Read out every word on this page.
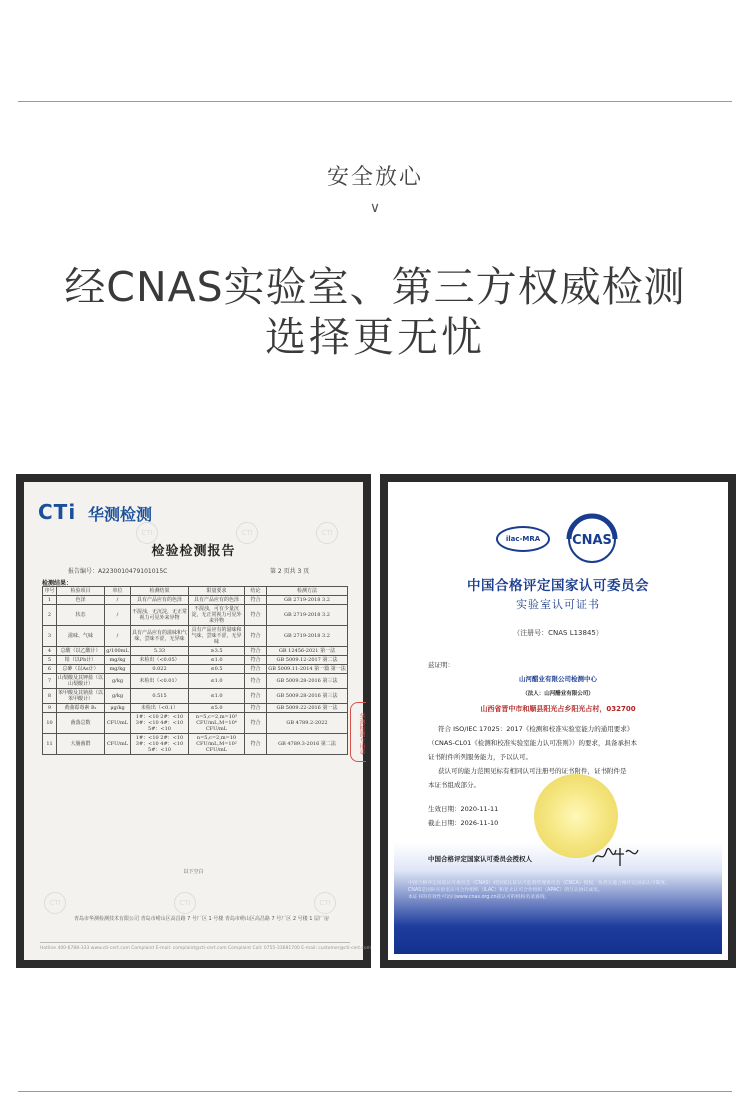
安全放心
∨
经CNAS实验室、第三方权威检测
选择更无忧
CTI	CTI	CTI
CTI	CTI	CTI
CTi 华测检测
检验检测报告
报告编号：A2230010479101015C	第 2 页共 3 页
检测结果：
序号	检验项目	单位	检测结果	限量要求	结论	检测方法
1	色泽	/	具有产品应有的色泽	具有产品应有的色泽	符合	GB 2719-2018 3.2
2	状态	/	不混浊，无沉淀，无正常视力可见外来异物	不混浊，可有少量沉淀，无正常视力可见外来异物	符合	GB 2719-2018 3.2
3	滋味、气味	/	具有产品应有的滋味和气味，尝味不涩，无异味	具有产品应有的滋味和气味，尝味不涩，无异味	符合	GB 2719-2018 3.2
4	总酸（以乙酸计）	g/100mL	5.33	≥3.5	符合	GB 12456-2021 第一法
5	铅（以Pb计）	mg/kg	未检出（<0.05）	≤1.0	符合	GB 5009.12-2017 第二法
6	总砷（以As计）	mg/kg	0.022	≤0.5	符合	GB 5009.11-2014 第一篇 第一法
7	山梨酸及其钾盐（以山梨酸计）	g/kg	未检出（<0.01）	≤1.0	符合	GB 5009.28-2016 第三法
8	苯甲酸及其钠盐（以苯甲酸计）	g/kg	0.515	≤1.0	符合	GB 5009.28-2016 第三法
9	黄曲霉毒素 B₁	μg/kg	未检出（<0.1）	≤5.0	符合	GB 5009.22-2016 第一法
10	菌落总数	CFU/mL	1#：<10 2#：<10 3#：<10 4#：<10 5#：<10	n=5,c=2,m=10³ CFU/mL,M=10⁴ CFU/mL	符合	GB 4789.2-2022
11	大肠菌群	CFU/mL	1#：<10 2#：<10 3#：<10 4#：<10 5#：<10	n=5,c=2,m=10 CFU/mL,M=10² CFU/mL	符合	GB 4789.3-2016 第二法
以下空白
青岛市华测检测技术有限公司 青岛市崂山区高昌路 7 号厂区 1 号楼 青岛市崂山区高昌路 7 号厂区 2 号楼 1 层厂房
Hotline 400-6788-333 www.cti-cert.com Complaint E-mail: complaint@cti-cert.com Complaint Call: 0755-33681700 E-mail: customer@cti-cert.com
华测检测专用章
ilac-MRA	CNAS
中国合格评定国家认可委员会
实验室认可证书
（注册号：CNAS L13845）
兹证明：
山河醋业有限公司检测中心
（法人：山河醋业有限公司）
山西省晋中市和顺县阳光占乡阳光占村，032700
符合 ISO/IEC 17025：2017《检测和校准实验室能力的通用要求》
（CNAS-CL01《检测和校准实验室能力认可准则》）的要求，具备承担本
证书附件所列服务能力，予以认可。
获认可的能力范围见标有相同认可注册号的证书附件，证书附件是
本证书组成部分。
生效日期：2020-11-11
截止日期：2026-11-10
中国合格评定国家认可委员会授权人
中国合格评定国家认可委员会（CNAS）经国家认证认可监督管理委员会（CNCA）授权，负责实施合格评定国家认可制度。
CNAS是国际实验室认可合作组织（ILAC）和亚太认可合作组织（APAC）的互认协议成员。
本证书的有效性可访问www.cnas.org.cn获认可的机构名录查询。
